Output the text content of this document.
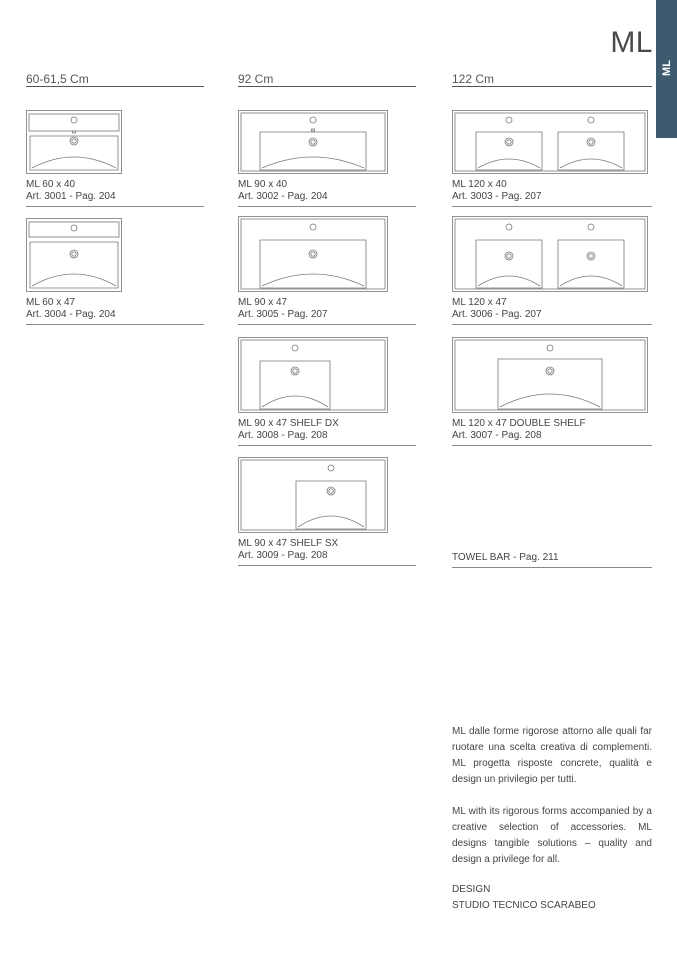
ML
ML
60-61,5 Cm	92 Cm	122 Cm
ML 60 x 40
Art. 3001 - Pag. 204
ML 60 x 47
Art. 3004 - Pag. 204
ML 90 x 40
Art. 3002 - Pag. 204
ML 90 x 47
Art. 3005 - Pag. 207
ML 90 x 47 SHELF DX
Art. 3008 - Pag. 208
ML 90 x 47 SHELF SX
Art. 3009 - Pag. 208
ML 120 x 40
Art. 3003 - Pag. 207
ML 120 x 47
Art. 3006 - Pag. 207
ML 120 x 47 DOUBLE SHELF
Art. 3007 - Pag. 208
TOWEL BAR - Pag. 211
ML dalle forme rigorose attorno alle quali far ruotare una scelta creativa di complementi. ML progetta risposte concrete, qualità e design un privilegio per tutti.
ML with its rigorous forms accompanied by a creative selection of accessories. ML designs tangible solutions – quality and design a privilege for all.
DESIGN
STUDIO TECNICO SCARABEO
